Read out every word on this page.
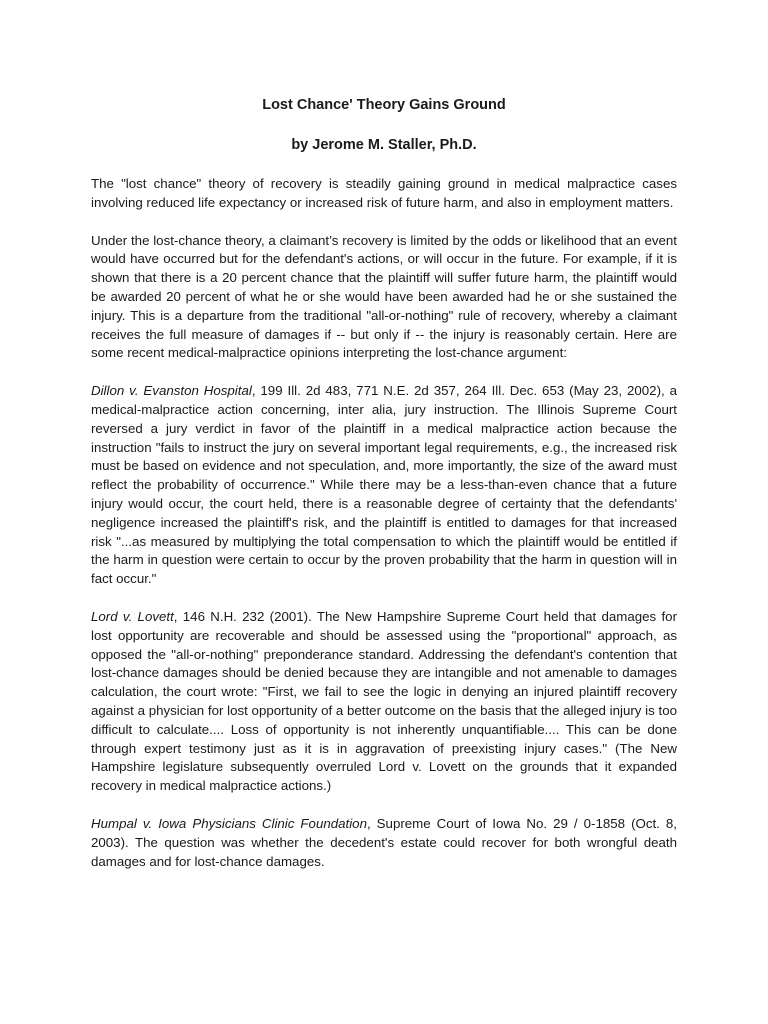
Lost Chance' Theory Gains Ground
by Jerome M. Staller, Ph.D.

The "lost chance" theory of recovery is steadily gaining ground in medical malpractice cases involving reduced life expectancy or increased risk of future harm, and also in employment matters.

Under the lost-chance theory, a claimant’s recovery is limited by the odds or likelihood that an event would have occurred but for the defendant's actions, or will occur in the future. For example, if it is shown that there is a 20 percent chance that the plaintiff will suffer future harm, the plaintiff would be awarded 20 percent of what he or she would have been awarded had he or she sustained the injury. This is a departure from the traditional "all-or-nothing" rule of recovery, whereby a claimant receives the full measure of damages if -- but only if -- the injury is reasonably certain. Here are some recent medical-malpractice opinions interpreting the lost-chance argument:

Dillon v. Evanston Hospital, 199 Ill. 2d 483, 771 N.E. 2d 357, 264 Ill. Dec. 653 (May 23, 2002), a medical-malpractice action concerning, inter alia, jury instruction. The Illinois Supreme Court reversed a jury verdict in favor of the plaintiff in a medical malpractice action because the instruction "fails to instruct the jury on several important legal requirements, e.g., the increased risk must be based on evidence and not speculation, and, more importantly, the size of the award must reflect the probability of occurrence." While there may be a less-than-even chance that a future injury would occur, the court held, there is a reasonable degree of certainty that the defendants' negligence increased the plaintiff's risk, and the plaintiff is entitled to damages for that increased risk "...as measured by multiplying the total compensation to which the plaintiff would be entitled if the harm in question were certain to occur by the proven probability that the harm in question will in fact occur."

Lord v. Lovett, 146 N.H. 232 (2001). The New Hampshire Supreme Court held that damages for lost opportunity are recoverable and should be assessed using the "proportional" approach, as opposed the "all-or-nothing" preponderance standard. Addressing the defendant's contention that lost-chance damages should be denied because they are intangible and not amenable to damages calculation, the court wrote: "First, we fail to see the logic in denying an injured plaintiff recovery against a physician for lost opportunity of a better outcome on the basis that the alleged injury is too difficult to calculate.... Loss of opportunity is not inherently unquantifiable.... This can be done through expert testimony just as it is in aggravation of preexisting injury cases." (The New Hampshire legislature subsequently overruled Lord v. Lovett on the grounds that it expanded recovery in medical malpractice actions.)

Humpal v. Iowa Physicians Clinic Foundation, Supreme Court of Iowa No. 29 / 0-1858 (Oct. 8, 2003). The question was whether the decedent's estate could recover for both wrongful death damages and for lost-chance damages.
